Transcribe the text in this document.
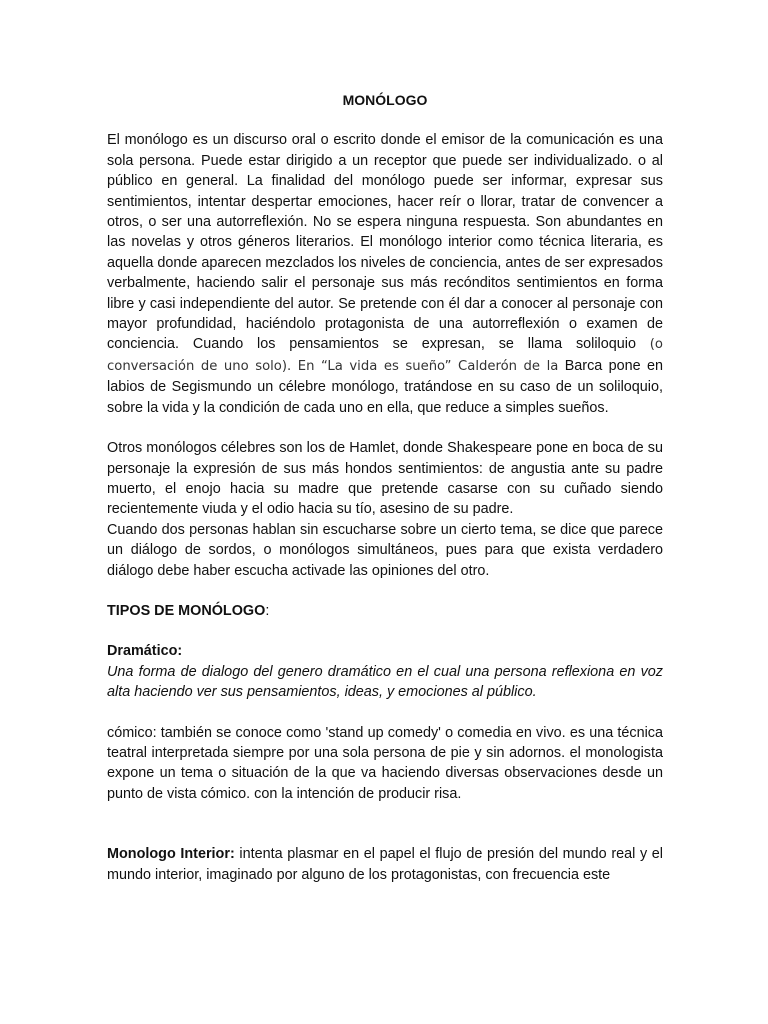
MONÓLOGO

El monólogo es un discurso oral o escrito donde el emisor de la comunicación es una sola persona. Puede estar dirigido a un receptor que puede ser individualizado. o al público en general. La finalidad del monólogo puede ser informar, expresar sus sentimientos, intentar despertar emociones, hacer reír o llorar, tratar de convencer a otros, o ser una autorreflexión. No se espera ninguna respuesta. Son abundantes en las novelas y otros géneros literarios. El monólogo interior como técnica literaria, es aquella donde aparecen mezclados los niveles de conciencia, antes de ser expresados verbalmente, haciendo salir el personaje sus más recónditos sentimientos en forma libre y casi independiente del autor. Se pretende con él dar a conocer al personaje con mayor profundidad, haciéndolo protagonista de una autorreflexión o examen de conciencia. Cuando los pensamientos se expresan, se llama soliloquio (o conversación de uno solo). En “La vida es sueño” Calderón de la Barca pone en labios de Segismundo un célebre monólogo, tratándose en su caso de un soliloquio, sobre la vida y la condición de cada uno en ella, que reduce a simples sueños.

Otros monólogos célebres son los de Hamlet, donde Shakespeare pone en boca de su personaje la expresión de sus más hondos sentimientos: de angustia ante su padre muerto, el enojo hacia su madre que pretende casarse con su cuñado siendo recientemente viuda y el odio hacia su tío, asesino de su padre.

Cuando dos personas hablan sin escucharse sobre un cierto tema, se dice que parece un diálogo de sordos, o monólogos simultáneos, pues para que exista verdadero diálogo debe haber escucha activade las opiniones del otro.

TIPOS DE MONÓLOGO:

Dramático:

Una forma de dialogo del genero dramático en el cual una persona reflexiona en voz alta haciendo ver sus pensamientos, ideas, y emociones al público.

cómico: también se conoce como 'stand up comedy' o comedia en vivo. es una técnica teatral interpretada siempre por una sola persona de pie y sin adornos. el monologista expone un tema o situación de la que va haciendo diversas observaciones desde un punto de vista cómico. con la intención de producir risa.

Monologo Interior: intenta plasmar en el papel el flujo de presión del mundo real y el mundo interior, imaginado por alguno de los protagonistas, con frecuencia este
